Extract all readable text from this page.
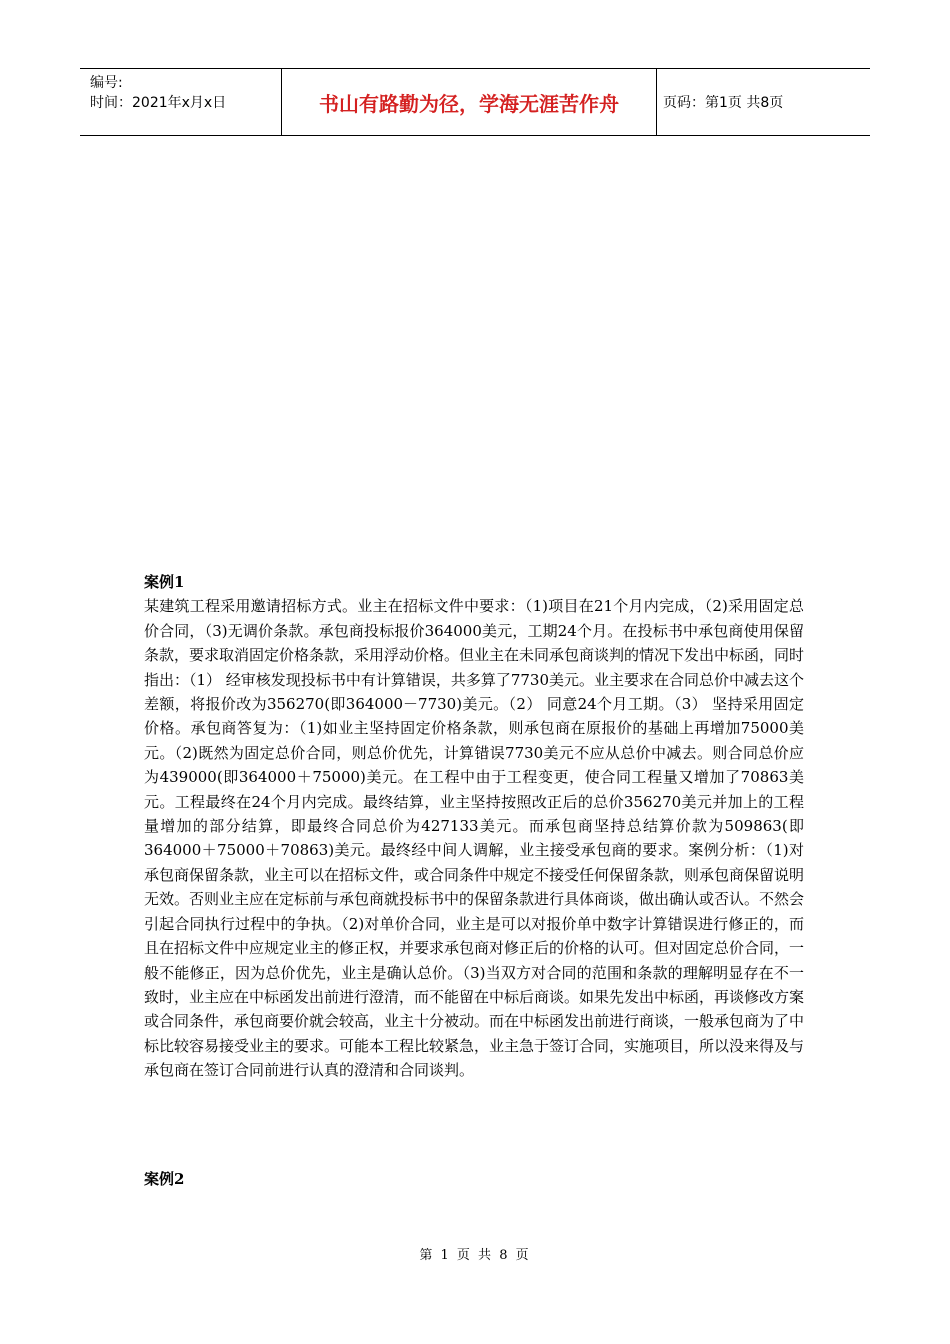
编号:
时间：2021年x月x日	书山有路勤为径，学海无涯苦作舟	页码：第1页 共8页

案例1

某建筑工程采用邀请招标方式。业主在招标文件中要求：（1)项目在21个月内完成，（2)采用固定总价合同，（3)无调价条款。承包商投标报价364000美元，工期24个月。在投标书中承包商使用保留条款，要求取消固定价格条款，采用浮动价格。但业主在未同承包商谈判的情况下发出中标函，同时指出：（1） 经审核发现投标书中有计算错误，共多算了7730美元。业主要求在合同总价中减去这个差额，将报价改为356270(即364000－7730)美元。（2） 同意24个月工期。（3） 坚持采用固定价格。承包商答复为：（1)如业主坚持固定价格条款，则承包商在原报价的基础上再增加75000美元。（2)既然为固定总价合同，则总价优先，计算错误7730美元不应从总价中减去。则合同总价应为439000(即364000＋75000)美元。在工程中由于工程变更，使合同工程量又增加了70863美元。工程最终在24个月内完成。最终结算，业主坚持按照改正后的总价356270美元并加上的工程量增加的部分结算，即最终合同总价为427133美元。而承包商坚持总结算价款为509863(即364000＋75000＋70863)美元。最终经中间人调解，业主接受承包商的要求。案例分析：（1)对承包商保留条款，业主可以在招标文件，或合同条件中规定不接受任何保留条款，则承包商保留说明无效。否则业主应在定标前与承包商就投标书中的保留条款进行具体商谈，做出确认或否认。不然会引起合同执行过程中的争执。（2)对单价合同，业主是可以对报价单中数字计算错误进行修正的，而且在招标文件中应规定业主的修正权，并要求承包商对修正后的价格的认可。但对固定总价合同，一般不能修正，因为总价优先，业主是确认总价。（3)当双方对合同的范围和条款的理解明显存在不一致时，业主应在中标函发出前进行澄清，而不能留在中标后商谈。如果先发出中标函，再谈修改方案或合同条件，承包商要价就会较高，业主十分被动。而在中标函发出前进行商谈，一般承包商为了中标比较容易接受业主的要求。可能本工程比较紧急，业主急于签订合同，实施项目，所以没来得及与承包商在签订合同前进行认真的澄清和合同谈判。

案例2
第 1 页 共 8 页
